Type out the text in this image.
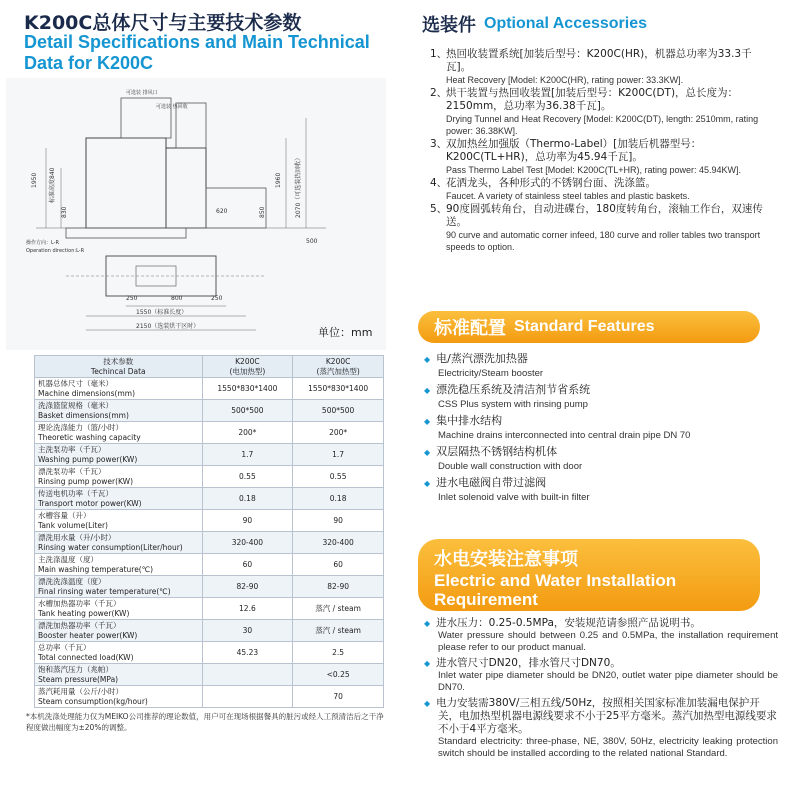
K200C总体尺寸与主要技术参数
Detail Specifications and Main Technical Data for K200C
可选装 排风口
可选装 热回收
操作方向：L-R
Operation direction:L-R
1950 标准高度840	1960 2070（可选装热回收）
830	850
620
500
250	800	250
1550（标准长度）
2150（选装烘干区时）	单位：mm
技术参数
Techincal Data	K200C
(电加热型)	K200C
(蒸汽加热型)

机器总体尺寸（毫米）
Machine dimensions(mm)	1550*830*1400	1550*830*1400
洗涤篮筐规格（毫米）
Basket dimensions(mm)	500*500	500*500
理论洗涤能力（篮/小时）
Theoretic washing capacity	200*	200*
主洗泵功率（千瓦）
Washing pump power(KW)	1.7	1.7
漂洗泵功率（千瓦）
Rinsing pump power(KW)	0.55	0.55
传送电机功率（千瓦）
Transport motor power(KW)	0.18	0.18
水槽容量（升）
Tank volume(Liter)	90	90
漂洗用水量（升/小时）
Rinsing water consumption(Liter/hour)	320-400	320-400
主洗涤温度（度）
Main washing temperature(℃)	60	60
漂洗洗涤温度（度）
Final rinsing water temperature(℃)	82-90	82-90
水槽加热器功率（千瓦）
Tank heating power(KW)	12.6	蒸汽 / steam
漂洗加热器功率（千瓦）
Booster heater power(KW)	30	蒸汽 / steam
总功率（千瓦）
Total connected load(KW)	45.23	2.5
饱和蒸汽压力（兆帕）
Steam pressure(MPa)		<0.25
蒸汽耗用量（公斤/小时）
Steam consumption(kg/hour)		70
*本机洗涤处理能力仅为MEIKO公司推荐的理论数值，用户可在现场根据餐具的脏污或经人工预清洁后之干净程度做出幅度为±20%的调整。
选装件 Optional Accessories
1、
热回收装置系统[加装后型号：K200C(HR)，机器总功率为33.3千瓦]。
Heat Recovery [Model: K200C(HR), rating power: 33.3KW].
2、
烘干装置与热回收装置[加装后型号：K200C(DT)，总长度为：2150mm，总功率为36.38千瓦]。
Drying Tunnel and Heat Recovery [Model: K200C(DT), length: 2510mm, rating power: 36.38KW].
3、
双加热丝加强版（Thermo-Label）[加装后机器型号：K200C(TL+HR)，总功率为45.94千瓦]。
Pass Thermo Label Test [Model: K200C(TL+HR), rating power: 45.94KW].
4、
花洒龙头，各种形式的不锈钢台面、洗涤篮。
Faucet. A variety of stainless steel tables and plastic baskets.
5、
90度圆弧转角台，自动进碟台，180度转角台，滚轴工作台，双速传送。
90 curve and automatic corner infeed, 180 curve and roller tables two transport speeds to option.
标准配置 Standard Features
◆ 电/蒸汽漂洗加热器
Electricity/Steam booster
◆ 漂洗稳压系统及清洁剂节省系统
CSS Plus system with rinsing pump
◆ 集中排水结构
Machine drains interconnected into central drain pipe DN 70
◆ 双层隔热不锈钢结构机体
Double wall construction with door
◆ 进水电磁阀自带过滤阀
Inlet solenoid valve with built-in filter
水电安装注意事项
Electric and Water Installation Requirement
◆ 进水压力：0.25-0.5MPa，安装规范请参照产品说明书。
Water pressure should between 0.25 and 0.5MPa, the installation requirement please refer to our product manual.
◆ 进水管尺寸DN20，排水管尺寸DN70。
Inlet water pipe diameter should be DN20, outlet water pipe diameter should be DN70.
◆ 电力安装需380V/三相五线/50Hz，按照相关国家标准加装漏电保护开关，电加热型机器电源线要求不小于25平方毫米。蒸汽加热型电源线要求不小于4平方毫米。
Standard electricity: three-phase, NE, 380V, 50Hz, electricity leaking protection switch should be installed according to the related national Standard.
